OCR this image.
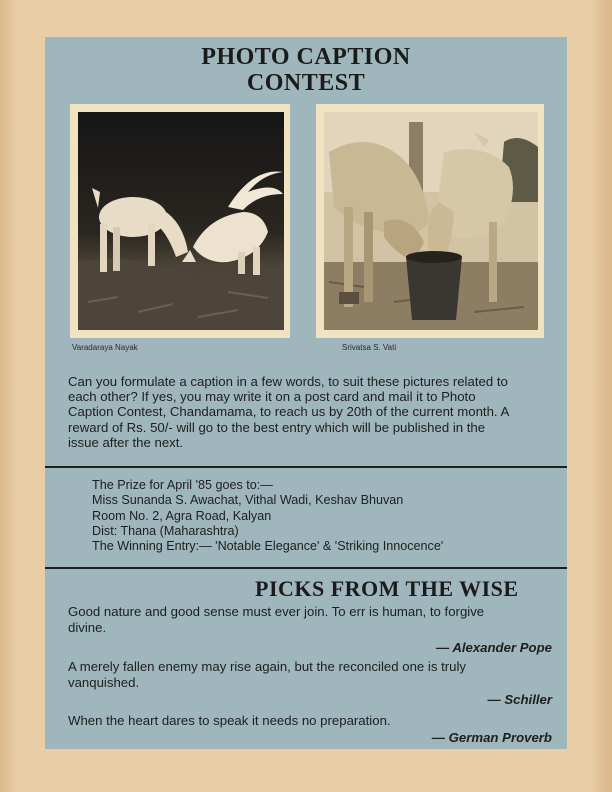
PHOTO CAPTION
CONTEST
Varadaraya Nayak	Srivatsa S. Vati
Can you formulate a caption in a few words, to suit these pictures related to
each other? If yes, you may write it on a post card and mail it to Photo
Caption Contest, Chandamama, to reach us by 20th of the current month. A
reward of Rs. 50/- will go to the best entry which will be published in the
issue after the next.
The Prize for April '85 goes to:—
Miss Sunanda S. Awachat, Vithal Wadi, Keshav Bhuvan
Room No. 2, Agra Road, Kalyan
Dist: Thana (Maharashtra)
The Winning Entry:— 'Notable Elegance' & 'Striking Innocence'
PICKS FROM THE WISE
Good nature and good sense must ever join. To err is human, to forgive
divine.
— Alexander Pope
A merely fallen enemy may rise again, but the reconciled one is truly
vanquished.
— Schiller
When the heart dares to speak it needs no preparation.
— German Proverb
